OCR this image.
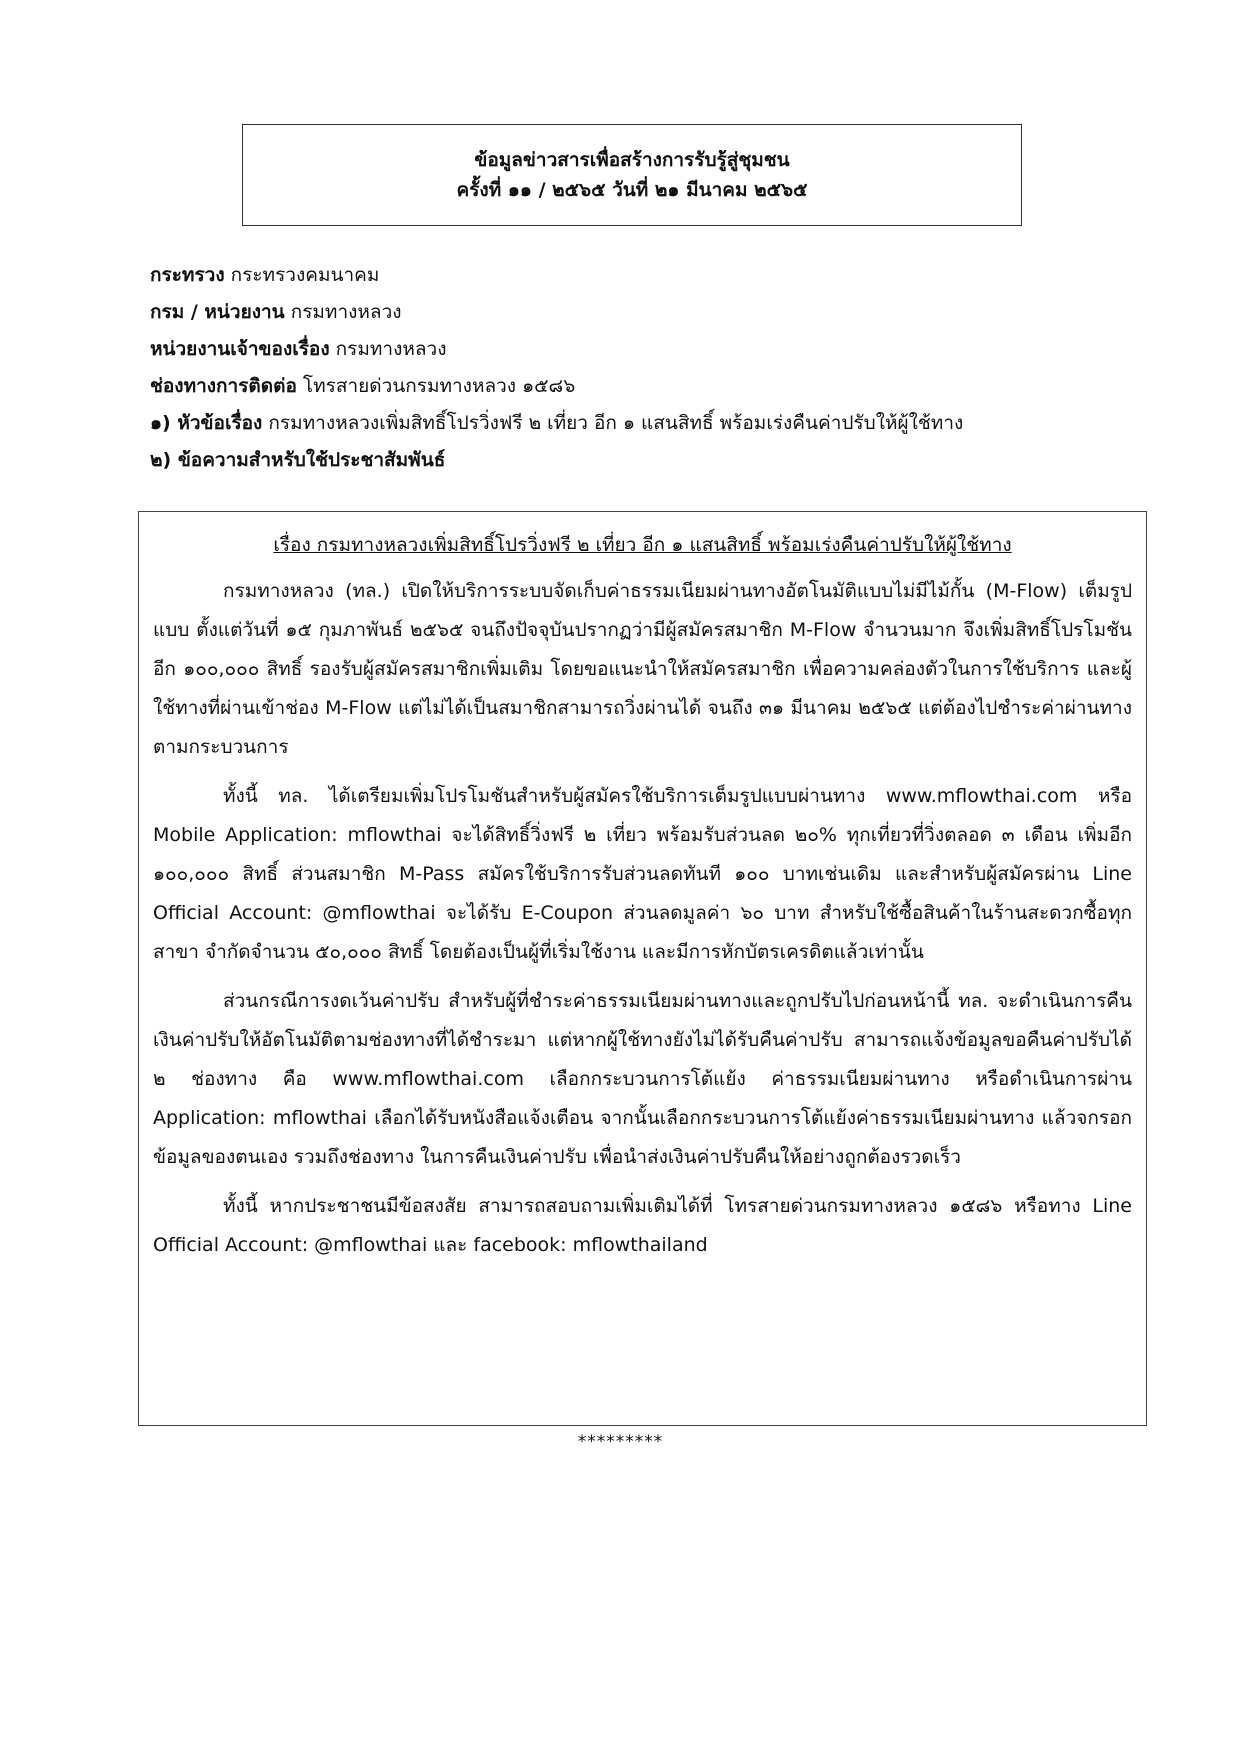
ข้อมูลข่าวสารเพื่อสร้างการรับรู้สู่ชุมชน

ครั้งที่ ๑๑ / ๒๕๖๕ วันที่ ๒๑ มีนาคม ๒๕๖๕

กระทรวง กระทรวงคมนาคม
กรม / หน่วยงาน กรมทางหลวง
หน่วยงานเจ้าของเรื่อง กรมทางหลวง
ช่องทางการติดต่อ โทรสายด่วนกรมทางหลวง ๑๕๘๖
๑) หัวข้อเรื่อง กรมทางหลวงเพิ่มสิทธิ์โปรวิ่งฟรี ๒ เที่ยว อีก ๑ แสนสิทธิ์ พร้อมเร่งคืนค่าปรับให้ผู้ใช้ทาง
๒) ข้อความสำหรับใช้ประชาสัมพันธ์

เรื่อง กรมทางหลวงเพิ่มสิทธิ์โปรวิ่งฟรี ๒ เที่ยว อีก ๑ แสนสิทธิ์ พร้อมเร่งคืนค่าปรับให้ผู้ใช้ทาง

กรมทางหลวง (ทล.) เปิดให้บริการระบบจัดเก็บค่าธรรมเนียมผ่านทางอัตโนมัติแบบไม่มีไม้กั้น (M-Flow) เต็มรูปแบบ ตั้งแต่วันที่ ๑๕ กุมภาพันธ์ ๒๕๖๕ จนถึงปัจจุบันปรากฏว่ามีผู้สมัครสมาชิก M-Flow จำนวนมาก จึงเพิ่มสิทธิ์โปรโมชันอีก ๑๐๐,๐๐๐ สิทธิ์ รองรับผู้สมัครสมาชิกเพิ่มเติม โดยขอแนะนำให้สมัครสมาชิก เพื่อความคล่องตัวในการใช้บริการ และผู้ใช้ทางที่ผ่านเข้าช่อง M-Flow แต่ไม่ได้เป็นสมาชิกสามารถวิ่งผ่านได้ จนถึง ๓๑ มีนาคม ๒๕๖๕ แต่ต้องไปชำระค่าผ่านทางตามกระบวนการ

ทั้งนี้ ทล. ได้เตรียมเพิ่มโปรโมชันสำหรับผู้สมัครใช้บริการเต็มรูปแบบผ่านทาง www.mflowthai.com หรือ Mobile Application: mflowthai จะได้สิทธิ์วิ่งฟรี ๒ เที่ยว พร้อมรับส่วนลด ๒๐% ทุกเที่ยวที่วิ่งตลอด ๓ เดือน เพิ่มอีก ๑๐๐,๐๐๐ สิทธิ์ ส่วนสมาชิก M-Pass สมัครใช้บริการรับส่วนลดทันที ๑๐๐ บาทเช่นเดิม และสำหรับผู้สมัครผ่าน Line Official Account: @mflowthai จะได้รับ E-Coupon ส่วนลดมูลค่า ๖๐ บาท สำหรับใช้ซื้อสินค้าในร้านสะดวกซื้อทุกสาขา จำกัดจำนวน ๕๐,๐๐๐ สิทธิ์ โดยต้องเป็นผู้ที่เริ่มใช้งาน และมีการหักบัตรเครดิตแล้วเท่านั้น

ส่วนกรณีการงดเว้นค่าปรับ สำหรับผู้ที่ชำระค่าธรรมเนียมผ่านทางและถูกปรับไปก่อนหน้านี้ ทล. จะดำเนินการคืนเงินค่าปรับให้อัตโนมัติตามช่องทางที่ได้ชำระมา แต่หากผู้ใช้ทางยังไม่ได้รับคืนค่าปรับ สามารถแจ้งข้อมูลขอคืนค่าปรับได้ ๒ ช่องทาง คือ www.mflowthai.com เลือกกระบวนการโต้แย้ง ค่าธรรมเนียมผ่านทาง หรือดำเนินการผ่าน Application: mflowthai เลือกได้รับหนังสือแจ้งเตือน จากนั้นเลือกกระบวนการโต้แย้งค่าธรรมเนียมผ่านทาง แล้วจกรอกข้อมูลของตนเอง รวมถึงช่องทาง ในการคืนเงินค่าปรับ เพื่อนำส่งเงินค่าปรับคืนให้อย่างถูกต้องรวดเร็ว

ทั้งนี้ หากประชาชนมีข้อสงสัย สามารถสอบถามเพิ่มเติมได้ที่ โทรสายด่วนกรมทางหลวง ๑๕๘๖ หรือทาง Line Official Account: @mflowthai และ facebook: mflowthailand

*********
